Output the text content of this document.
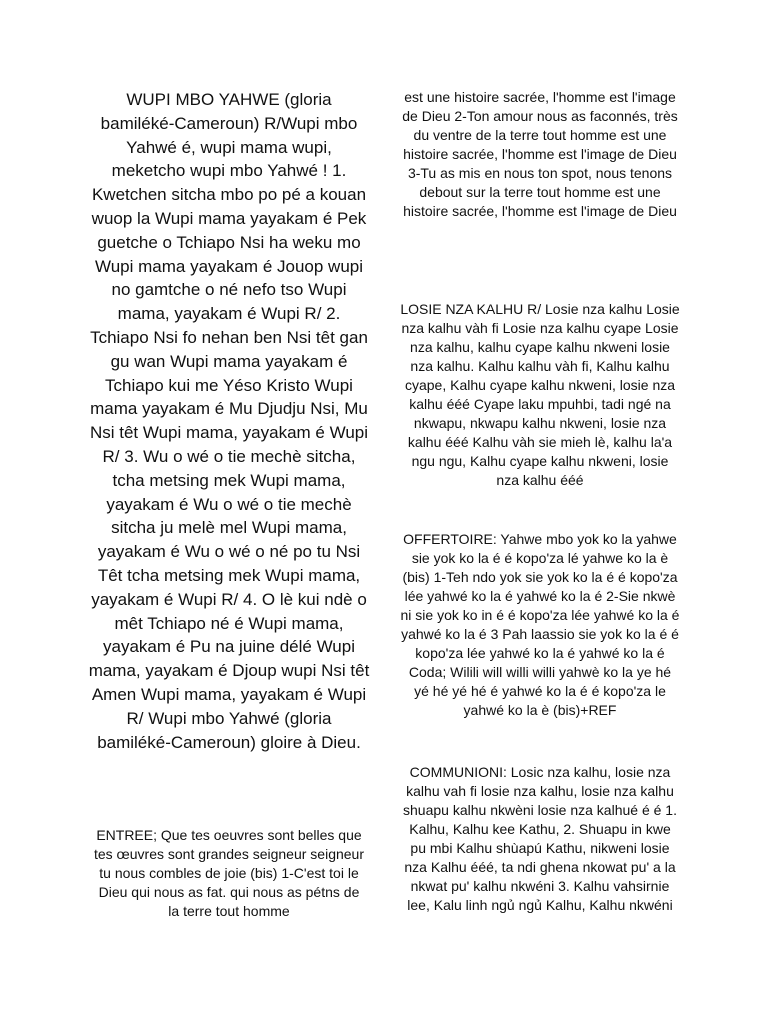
WUPI MBO YAHWE (gloria bamiléké-Cameroun) R/Wupi mbo Yahwé é, wupi mama wupi, meketcho wupi mbo Yahwé ! 1. Kwetchen sitcha mbo po pé a kouan wuop la Wupi mama yayakam é Pek guetche o Tchiapo Nsi ha weku mo Wupi mama yayakam é Jouop wupi no gamtche o né nefo tso Wupi mama, yayakam é Wupi R/ 2. Tchiapo Nsi fo nehan ben Nsi têt gan gu wan Wupi mama yayakam é Tchiapo kui me Yéso Kristo Wupi mama yayakam é Mu Djudju Nsi, Mu Nsi têt Wupi mama, yayakam é Wupi R/ 3. Wu o wé o tie mechè sitcha, tcha metsing mek Wupi mama, yayakam é Wu o wé o tie mechè sitcha ju melè mel Wupi mama, yayakam é Wu o wé o né po tu Nsi Têt tcha metsing mek Wupi mama, yayakam é Wupi R/ 4. O lè kui ndè o mêt Tchiapo né é Wupi mama, yayakam é Pu na juine délé Wupi mama, yayakam é Djoup wupi Nsi têt Amen Wupi mama, yayakam é Wupi R/ Wupi mbo Yahwé (gloria bamiléké-Cameroun) gloire à Dieu.

ENTREE; Que tes oeuvres sont belles que tes œuvres sont grandes seigneur seigneur tu nous combles de joie (bis) 1-C'est toi le Dieu qui nous as fat. qui nous as pétns de la terre tout homme

est une histoire sacrée, l'homme est l'image de Dieu 2-Ton amour nous as faconnés, très du ventre de la terre tout homme est une histoire sacrée, l'homme est l'image de Dieu 3-Tu as mis en nous ton spot, nous tenons debout sur la terre tout homme est une histoire sacrée, l'homme est l'image de Dieu

LOSIE NZA KALHU R/ Losie nza kalhu Losie nza kalhu vàh fi Losie nza kalhu cyape Losie nza kalhu, kalhu cyape kalhu nkweni losie nza kalhu. Kalhu kalhu vàh fi, Kalhu kalhu cyape, Kalhu cyape kalhu nkweni, losie nza kalhu ééé Cyape laku mpuhbi, tadi ngé na nkwapu, nkwapu kalhu nkweni, losie nza kalhu ééé Kalhu vàh sie mieh lè, kalhu la'a ngu ngu, Kalhu cyape kalhu nkweni, losie nza kalhu ééé

OFFERTOIRE: Yahwe mbo yok ko la yahwe sie yok ko la é é kopo'za lé yahwe ko la è (bis) 1-Teh ndo yok sie yok ko la é é kopo'za lée yahwé ko la é yahwé ko la é 2-Sie nkwè ni sie yok ko in é é kopo'za lée yahwé ko la é yahwé ko la é 3 Pah laassio sie yok ko la é é kopo'za lée yahwé ko la é yahwé ko la é Coda; Wilili will willi willi yahwè ko la ye hé yé hé yé hé é yahwé ko la é é kopo'za le yahwé ko la è (bis)+REF

COMMUNIONI: Losic nza kalhu, losie nza kalhu vah fi losie nza kalhu, losie nza kalhu shuapu kalhu nkwèni losie nza kalhué é é 1. Kalhu, Kalhu kee Kathu, 2. Shuapu in kwe pu mbi Kalhu shùapú Kathu, nikweni losie nza Kalhu ééé, ta ndi ghena nkowat pu' a la nkwat pu' kalhu nkwéni 3. Kalhu vahsirnie lee, Kalu linh ngủ ngủ Kalhu, Kalhu nkwéni
